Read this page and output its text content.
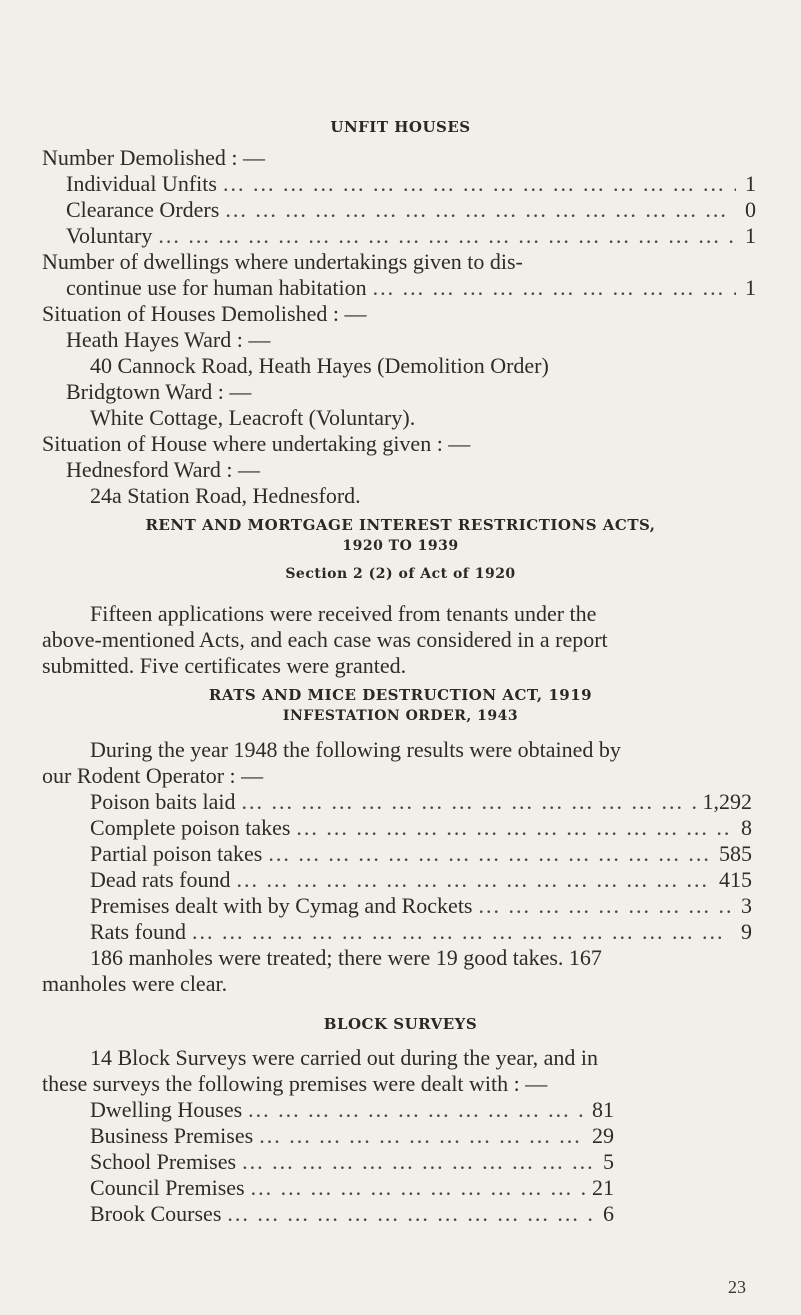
UNFIT HOUSES
Number Demolished : —
Individual Unfits ... .	1
Clearance Orders ... .	0
Voluntary ... .	1
Number of dwellings where undertakings given to dis-
continue use for human habitation ... .	1
Situation of Houses Demolished : —
Heath Hayes Ward : —
40 Cannock Road, Heath Hayes (Demolition Order)
Bridgtown Ward : —
White Cottage, Leacroft (Voluntary).
Situation of House where undertaking given : —
Hednesford Ward : —
24a Station Road, Hednesford.
RENT AND MORTGAGE INTEREST RESTRICTIONS ACTS,
1920 TO 1939
Section 2 (2) of Act of 1920
Fifteen applications were received from tenants under the
above-mentioned Acts, and each case was considered in a report
submitted. Five certificates were granted.
RATS AND MICE DESTRUCTION ACT, 1919
INFESTATION ORDER, 1943
During the year 1948 the following results were obtained by
our Rodent Operator : —
Poison baits laid ... .	1,292
Complete poison takes ... .	8
Partial poison takes ... .	585
Dead rats found ... .	415
Premises dealt with by Cymag and Rockets ... .	3
Rats found ... .	9
186 manholes were treated; there were 19 good takes. 167
manholes were clear.
BLOCK SURVEYS
14 Block Surveys were carried out during the year, and in
these surveys the following premises were dealt with : —
Dwelling Houses ... .	81
Business Premises ... .	29
School Premises ... .	5
Council Premises ... .	21
Brook Courses ... .	6
23
